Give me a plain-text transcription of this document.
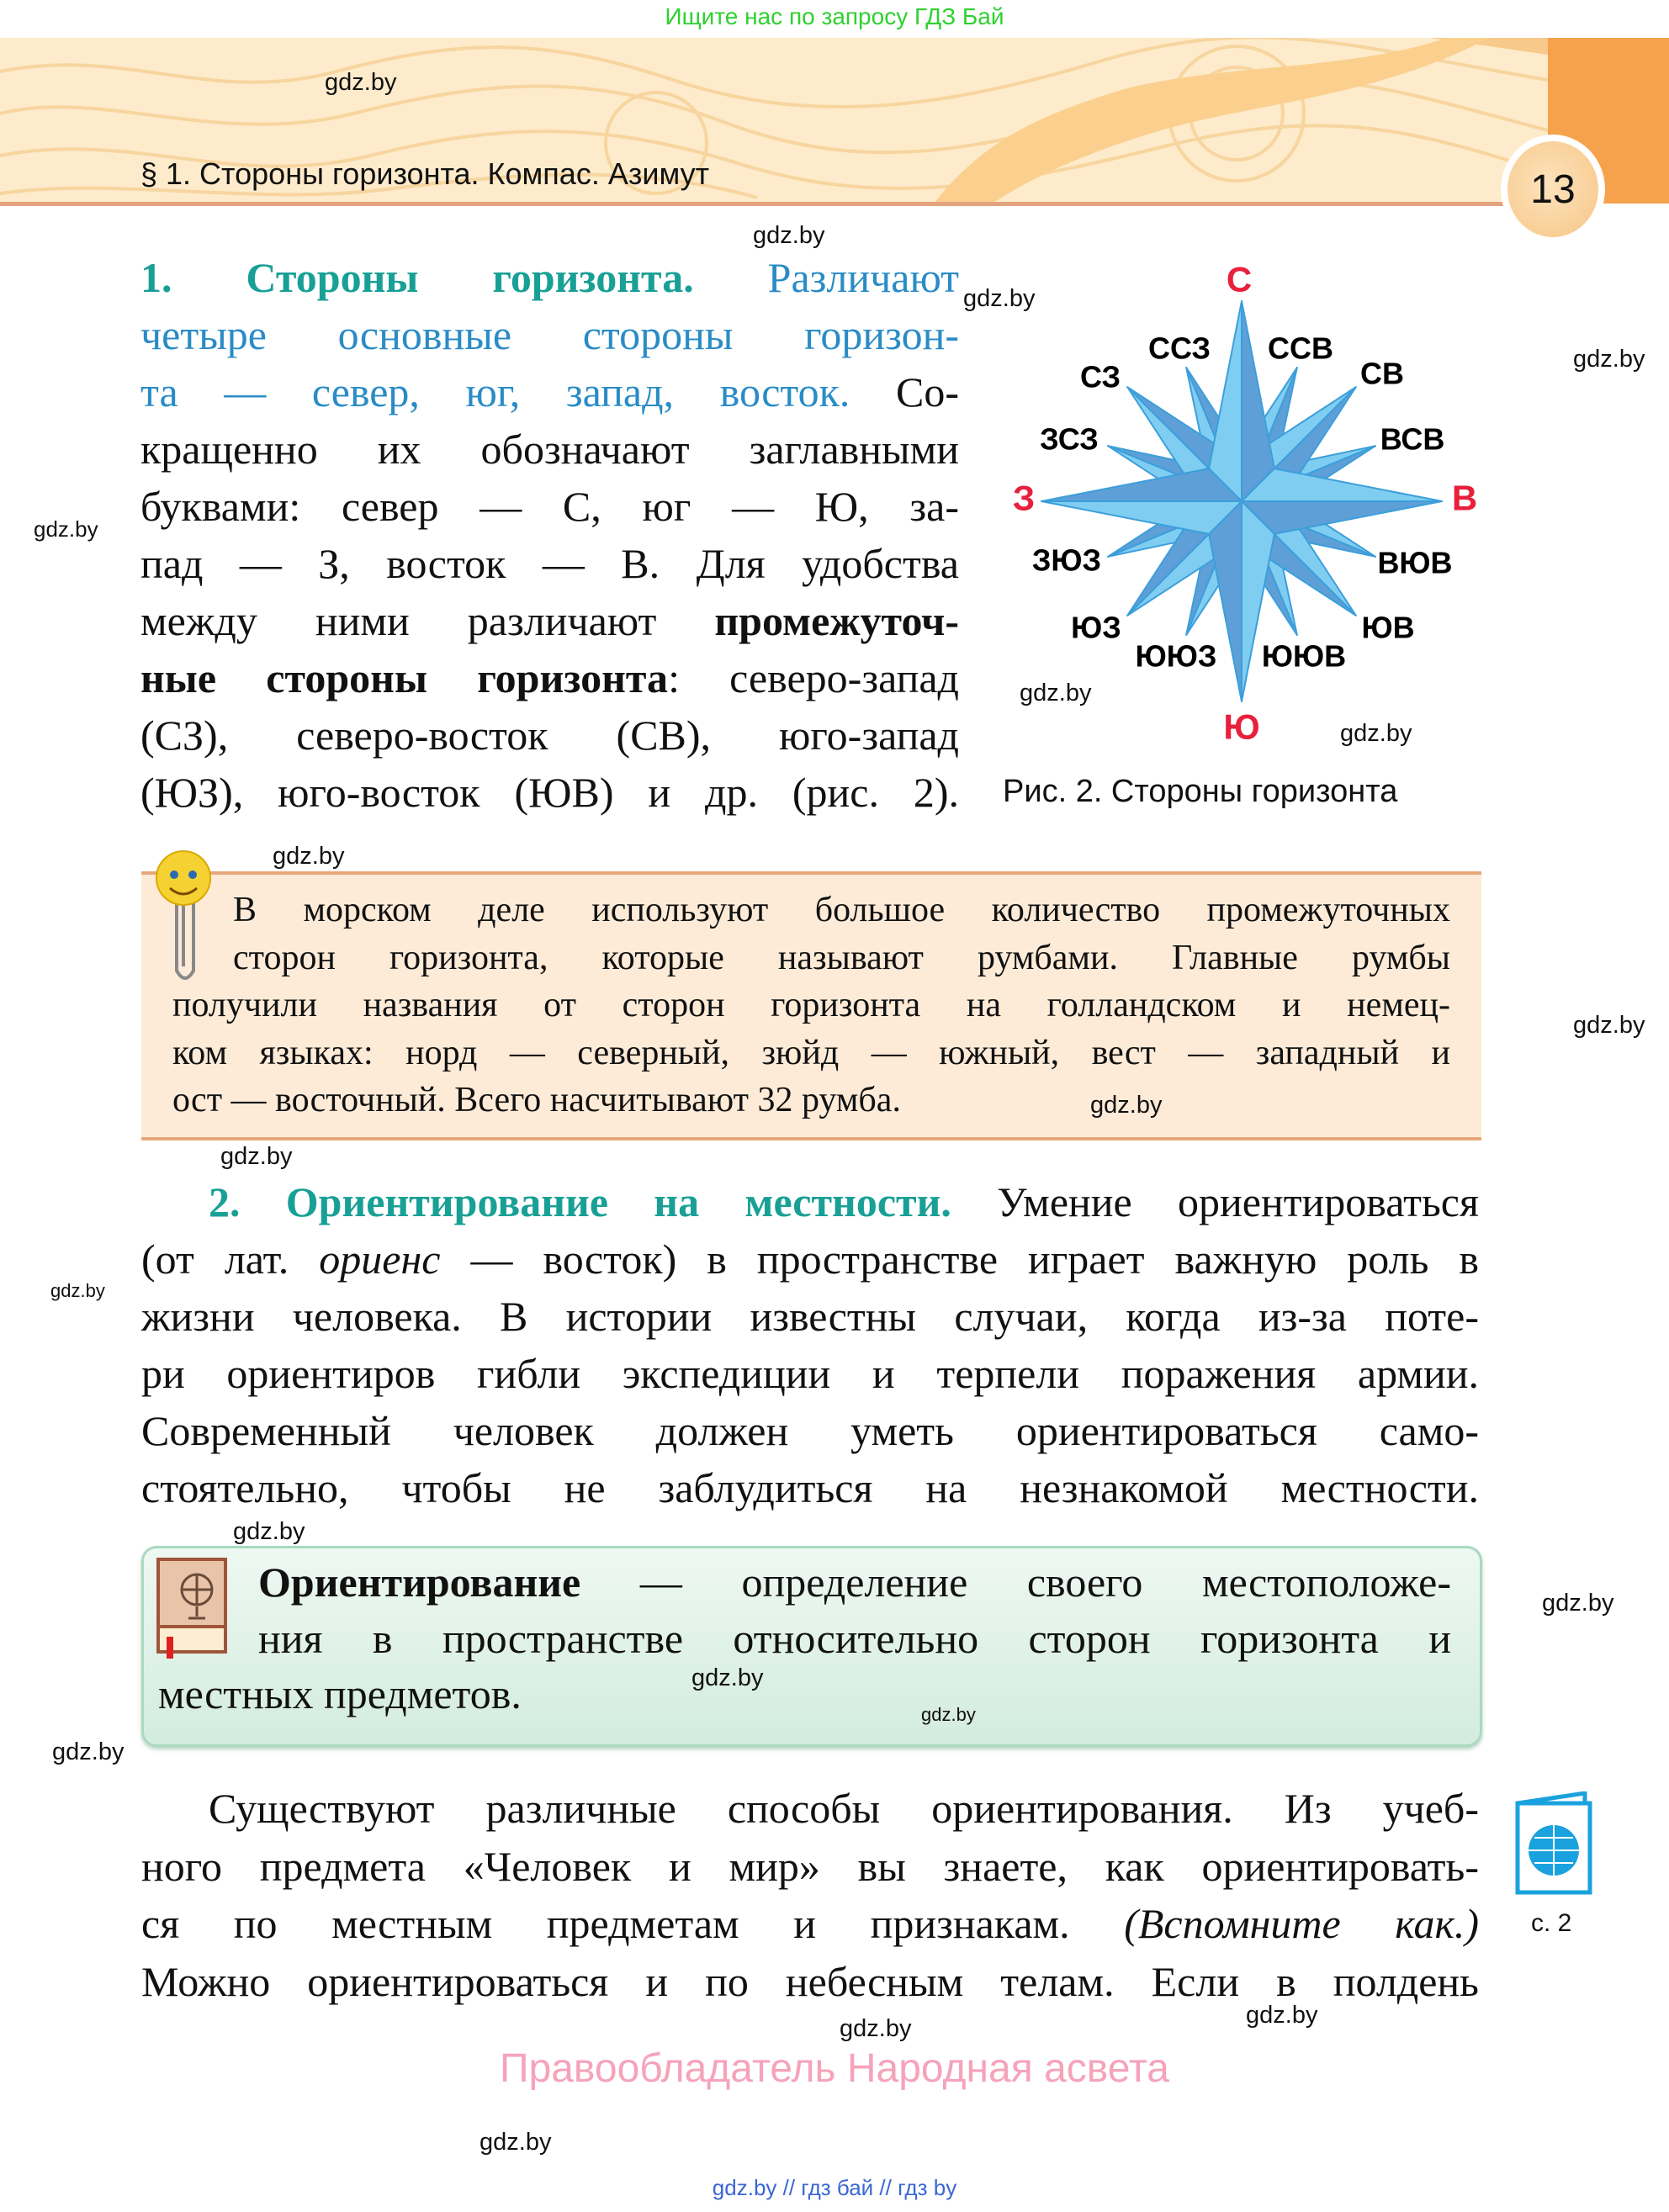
Ищите нас по запросу ГДЗ Бай
§ 1. Стороны горизонта. Компас. Азимут	13
1. Стороны горизонта. Различают
четыре основные стороны горизон-
та — север, юг, запад, восток. Со-
кращенно их обозначают заглавными
буквами: север — С, юг — Ю, за-
пад — З, восток — В. Для удобства
между ними различают промежуточ-
ные стороны горизонта: северо-запад
(СЗ), северо-восток (СВ), юго-запад
(ЮЗ), юго-восток (ЮВ) и др. (рис. 2).
С
Ю
З	В
СЗ
ССЗ ССВ
СВ
ЗСЗ	ВСВ
ЗЮЗ	ВЮВ
ЮЗ	ЮВ
ЮЮЗ ЮЮВ
Рис. 2. Стороны горизонта
В морском деле используют большое количество промежуточных
сторон горизонта, которые называют румбами. Главные румбы
получили названия от сторон горизонта на голландском и немец-
ком языках: норд — северный, зюйд — южный, вест — западный и
ост — восточный. Всего насчитывают 32 румба.
2. Ориентирование на местности. Умение ориентироваться
(от лат. ориенс — восток) в пространстве играет важную роль в
жизни человека. В истории известны случаи, когда из-за поте-
ри ориентиров гибли экспедиции и терпели поражения армии.
Современный человек должен уметь ориентироваться само-
стоятельно, чтобы не заблудиться на незнакомой местности.
Ориентирование — определение своего местоположе-
ния в пространстве относительно сторон горизонта и
местных предметов.
Существуют различные способы ориентирования. Из учеб-
ного предмета «Человек и мир» вы знаете, как ориентировать-
ся по местным предметам и признакам. (Вспомните как.)
Можно ориентироваться и по небесным телам. Если в полдень
с. 2
gdz.by
gdz.by
gdz.by
gdz.by
gdz.by
gdz.by
gdz.by
gdz.by
gdz.by
gdz.by
gdz.by
gdz.by
gdz.by
gdz.by
gdz.by
gdz.by
gdz.by
gdz.by	gdz.by
gdz.by
Правообладатель Народная асвета
gdz.by // гдз бай // гдз by
